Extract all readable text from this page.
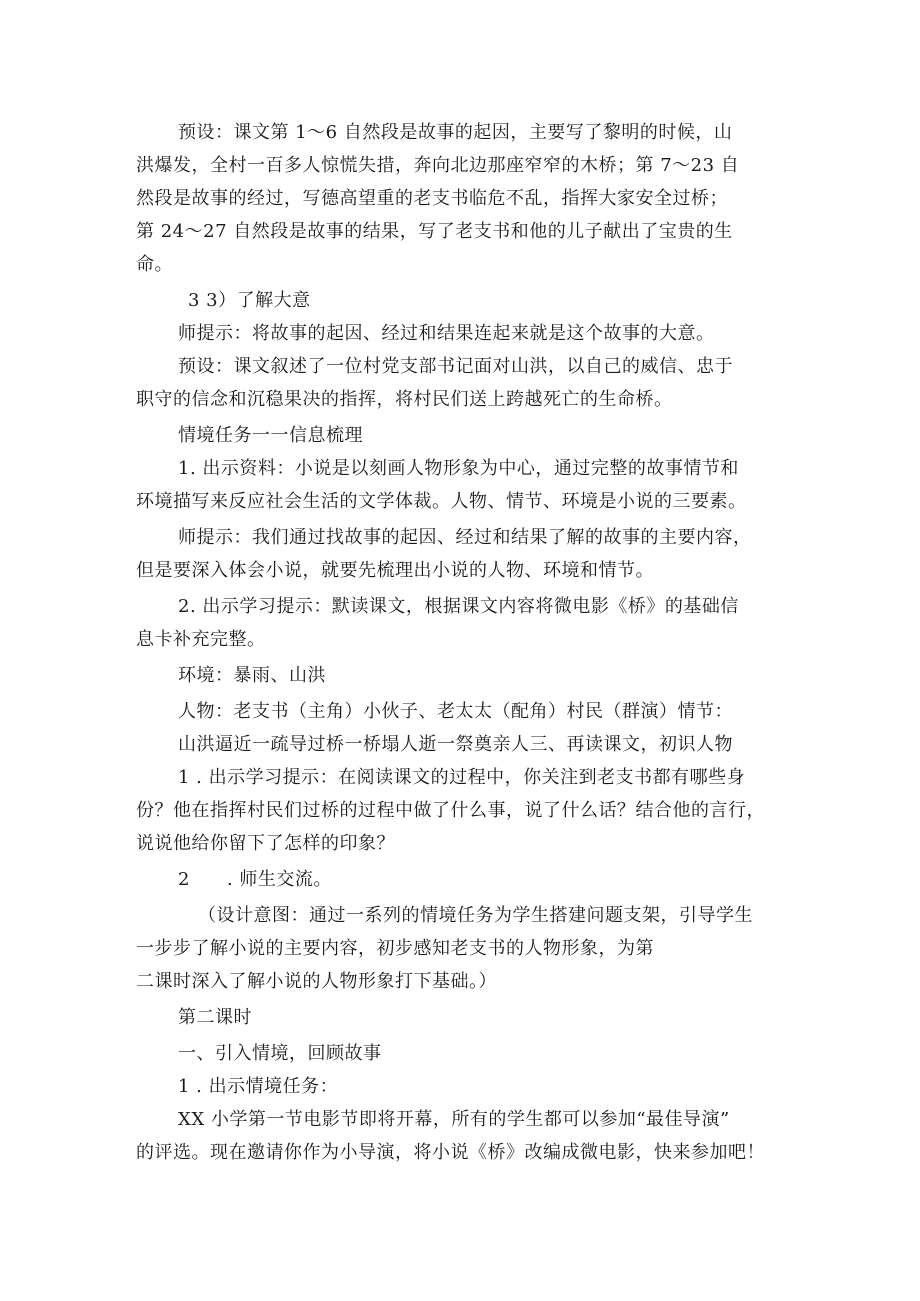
预设：课文第 1～6 自然段是故事的起因，主要写了黎明的时候，山
洪爆发，全村一百多人惊慌失措，奔向北边那座窄窄的木桥；第 7～23 自
然段是故事的经过，写德高望重的老支书临危不乱，指挥大家安全过桥；
第 24～27 自然段是故事的结果，写了老支书和他的儿子献出了宝贵的生
命。
3 3）了解大意
师提示：将故事的起因、经过和结果连起来就是这个故事的大意。
预设：课文叙述了一位村党支部书记面对山洪，以自己的威信、忠于
职守的信念和沉稳果决的指挥，将村民们送上跨越死亡的生命桥。
情境任务一一信息梳理
1. 出示资料：小说是以刻画人物形象为中心，通过完整的故事情节和
环境描写来反应社会生活的文学体裁。人物、情节、环境是小说的三要素。
师提示：我们通过找故事的起因、经过和结果了解的故事的主要内容，
但是要深入体会小说，就要先梳理出小说的人物、环境和情节。
2. 出示学习提示：默读课文，根据课文内容将微电影《桥》的基础信
息卡补充完整。
环境：暴雨、山洪
人物：老支书（主角）小伙子、老太太（配角）村民（群演）情节：
山洪逼近一疏导过桥一桥塌人逝一祭奠亲人三、再读课文，初识人物
1 . 出示学习提示：在阅读课文的过程中，你关注到老支书都有哪些身
份？他在指挥村民们过桥的过程中做了什么事，说了什么话？结合他的言行，
说说他给你留下了怎样的印象？
2　　. 师生交流。
（设计意图：通过一系列的情境任务为学生搭建问题支架，引导学生
一步步了解小说的主要内容，初步感知老支书的人物形象，为第
二课时深入了解小说的人物形象打下基础。）
第二课时
一、引入情境，回顾故事
1 . 出示情境任务：
XX 小学第一节电影节即将开幕，所有的学生都可以参加“最佳导演”
的评选。现在邀请你作为小导演，将小说《桥》改编成微电影，快来参加吧！
